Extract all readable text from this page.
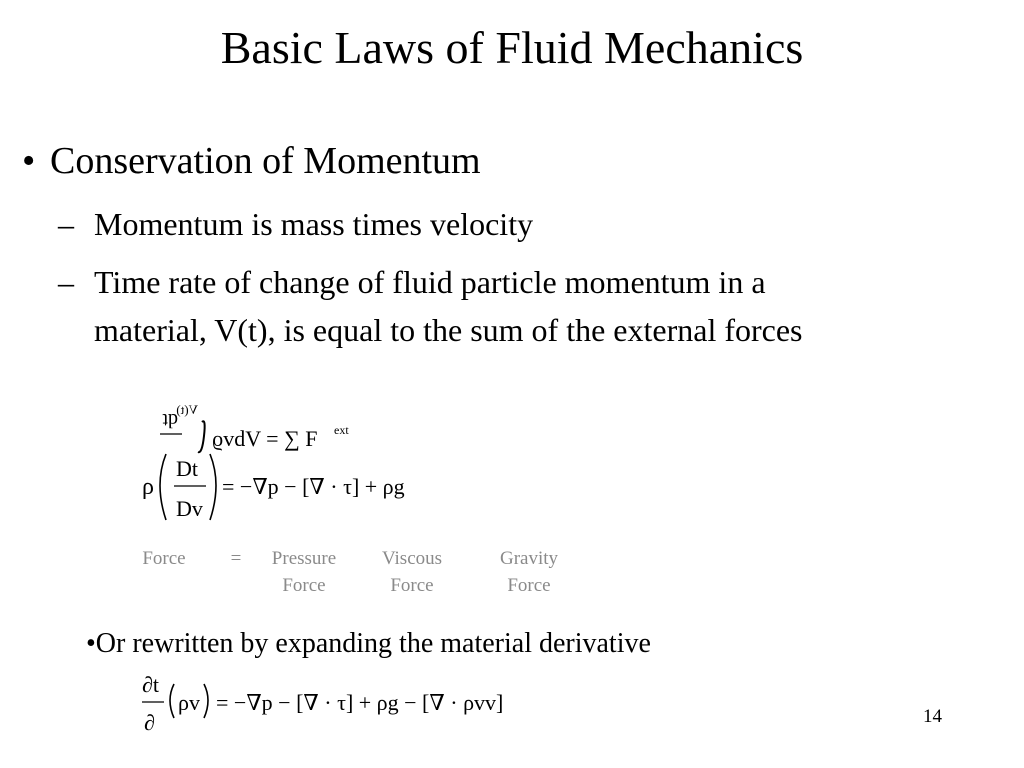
Basic Laws of Fluid Mechanics
• Conservation of Momentum
– Momentum is mass times velocity
– Time rate of change of fluid particle momentum in a
material, V(t), is equal to the sum of the external forces
dt
V(t)
ϱvdV = ∑ F ext
ρ
Dt
Dv
= −∇p − [∇ · τ] + ρg
Force	=	Pressure
Force
Viscous
Force
Gravity
Force
•Or rewritten by expanding the material derivative
∂t
∂
ρv = −∇p − [∇ · τ] + ρg − [∇ · ρvv]
14
